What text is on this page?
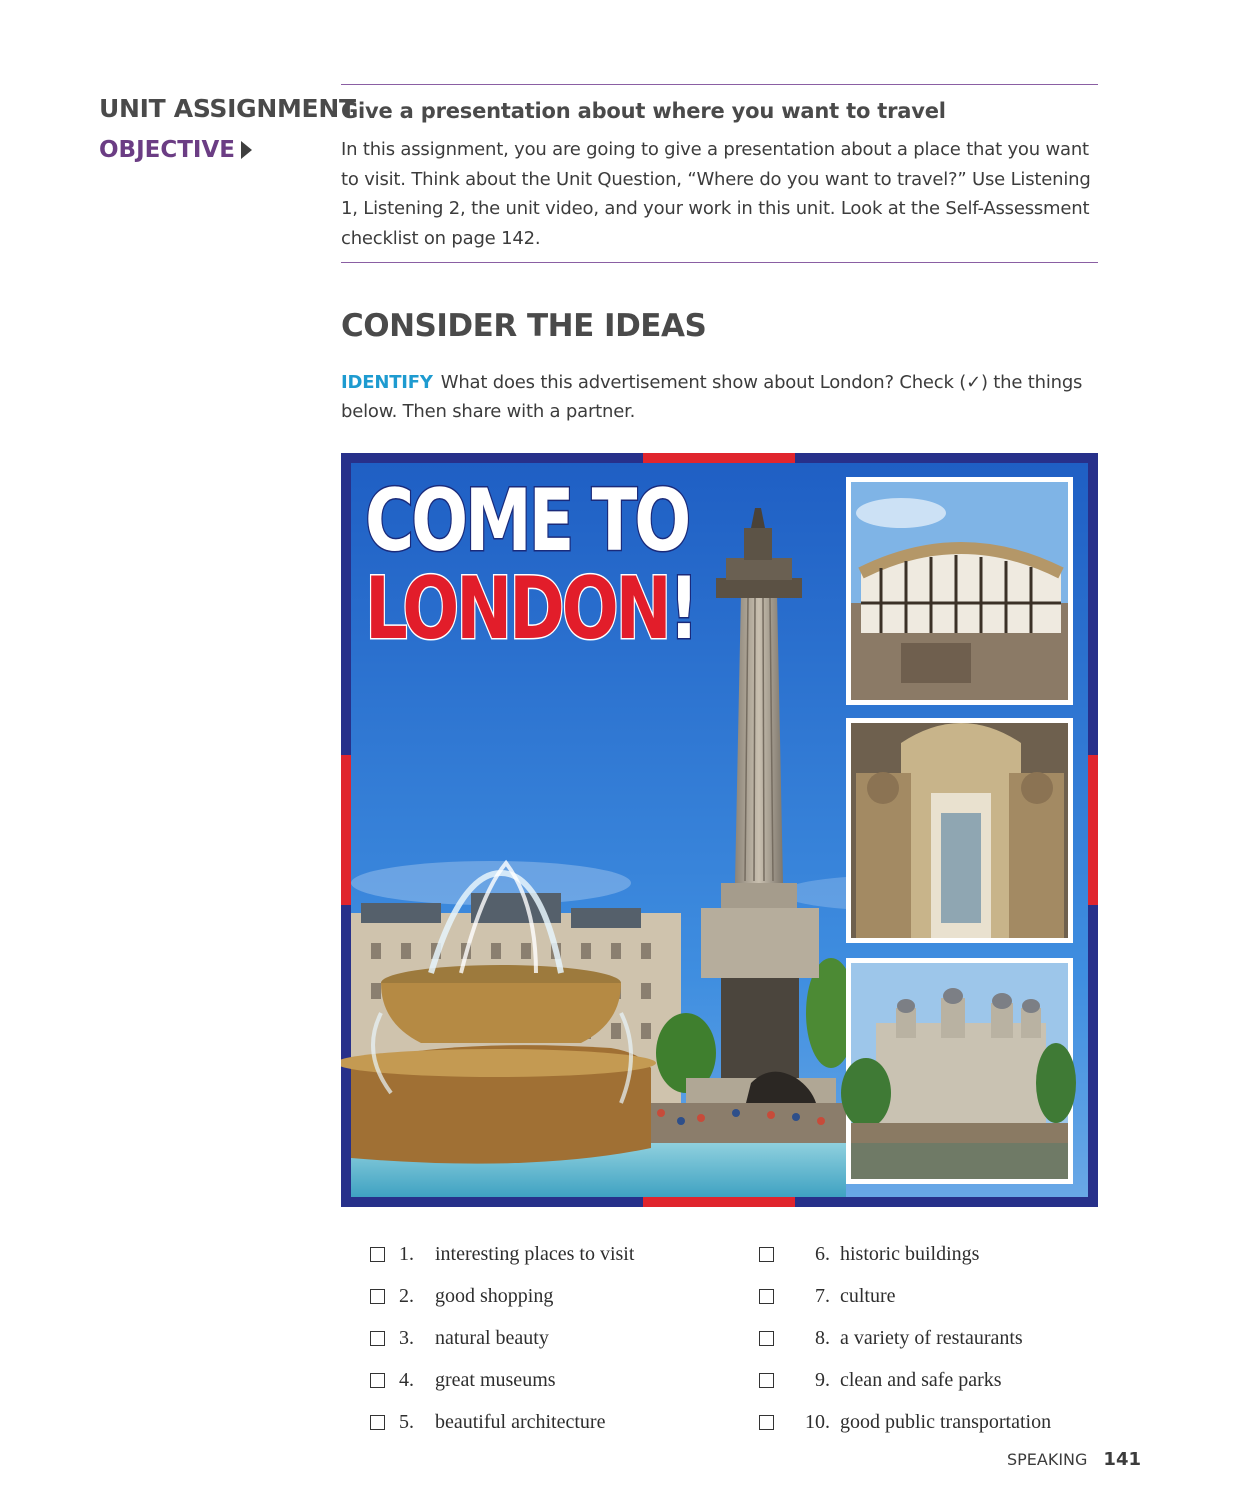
UNIT ASSIGNMENT
OBJECTIVE
Give a presentation about where you want to travel
In this assignment, you are going to give a presentation about a place that you want to visit. Think about the Unit Question, “Where do you want to travel?” Use Listening 1, Listening 2, the unit video, and your work in this unit. Look at the Self-Assessment checklist on page 142.
CONSIDER THE IDEAS
IDENTIFY What does this advertisement show about London? Check (✓) the things below. Then share with a partner.
COME TO
LONDON!
1.	interesting places to visit
2.	good shopping
3.	natural beauty
4.	great museums
5.	beautiful architecture
6. historic buildings
7. culture
8. a variety of restaurants
9. clean and safe parks
10. good public transportation
SPEAKING 141
